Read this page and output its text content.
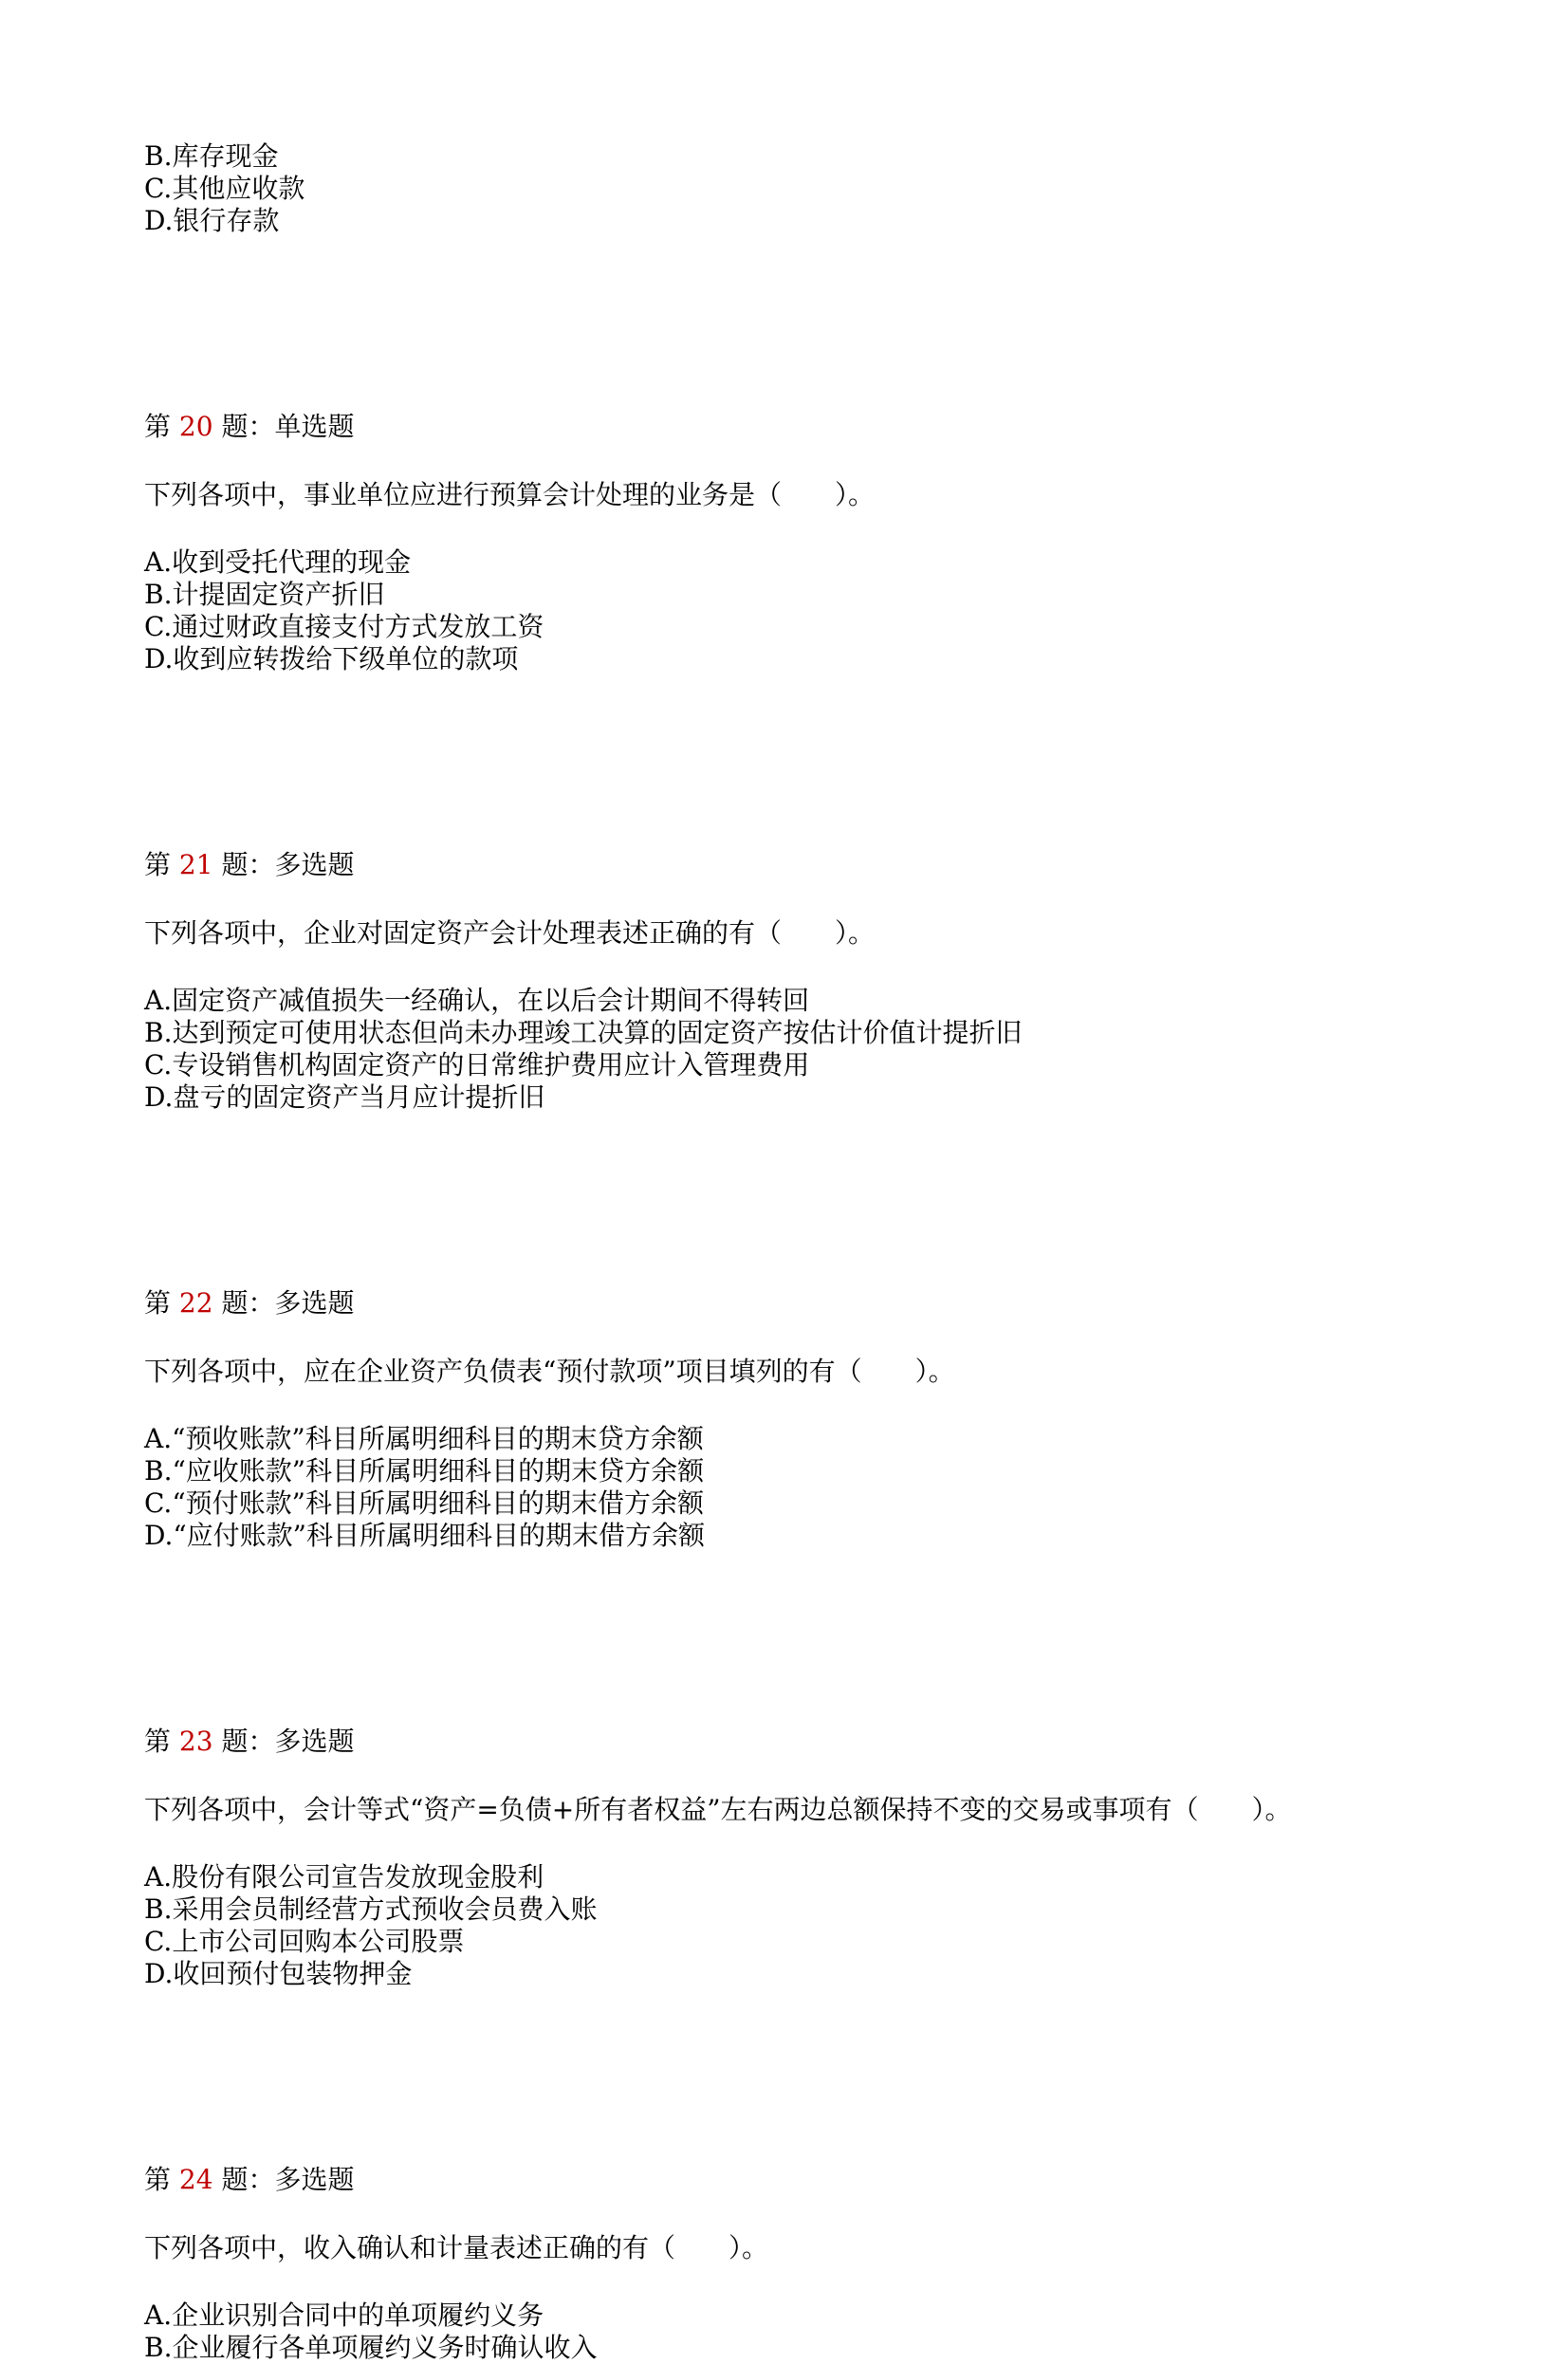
B.库存现金
C.其他应收款
D.银行存款
第 20 题：单选题
下列各项中，事业单位应进行预算会计处理的业务是（　　）。
A.收到受托代理的现金
B.计提固定资产折旧
C.通过财政直接支付方式发放工资
D.收到应转拨给下级单位的款项
第 21 题：多选题
下列各项中，企业对固定资产会计处理表述正确的有（　　）。
A.固定资产减值损失一经确认，在以后会计期间不得转回
B.达到预定可使用状态但尚未办理竣工决算的固定资产按估计价值计提折旧
C.专设销售机构固定资产的日常维护费用应计入管理费用
D.盘亏的固定资产当月应计提折旧
第 22 题：多选题
下列各项中，应在企业资产负债表“预付款项”项目填列的有（　　）。
A.“预收账款”科目所属明细科目的期末贷方余额
B.“应收账款”科目所属明细科目的期末贷方余额
C.“预付账款”科目所属明细科目的期末借方余额
D.“应付账款”科目所属明细科目的期末借方余额
第 23 题：多选题
下列各项中，会计等式“资产=负债+所有者权益”左右两边总额保持不变的交易或事项有（　　）。
A.股份有限公司宣告发放现金股利
B.采用会员制经营方式预收会员费入账
C.上市公司回购本公司股票
D.收回预付包装物押金
第 24 题：多选题
下列各项中，收入确认和计量表述正确的有（　　）。
A.企业识别合同中的单项履约义务
B.企业履行各单项履约义务时确认收入
